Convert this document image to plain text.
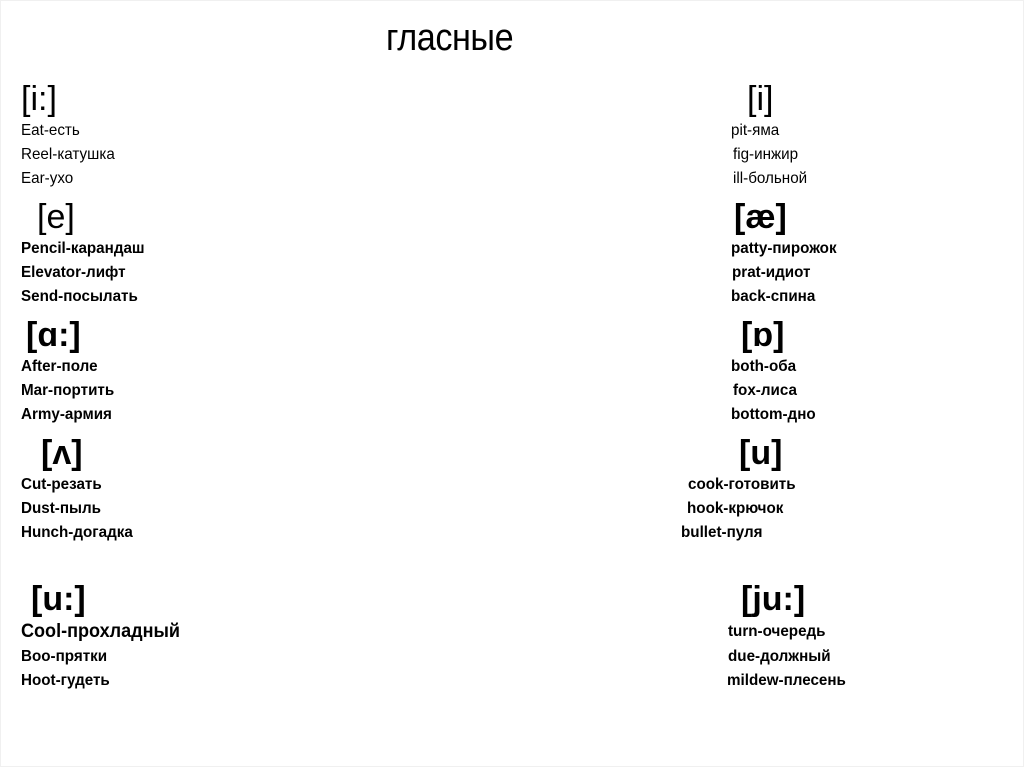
гласные
[i:]
Eat-есть
Reel-катушка
Ear-ухо
[i]
pit-яма
fig-инжир
ill-больной
[e]
Pencil-карандаш
Elevator-лифт
Send-посылать
[æ]
patty-пирожок
prat-идиот
back-спина
[ɑ:]
After-поле
Mar-портить
Army-армия
[ɒ]
both-оба
fox-лиса
bottom-дно
[ʌ]
Cut-резать
Dust-пыль
Hunch-догадка
[u]
cook-готовить
hook-крючок
bullet-пуля
[u:]
Cool-прохладный
Boo-прятки
Hoot-гудеть
[ju:]
turn-очередь
due-должный
mildew-плесень
